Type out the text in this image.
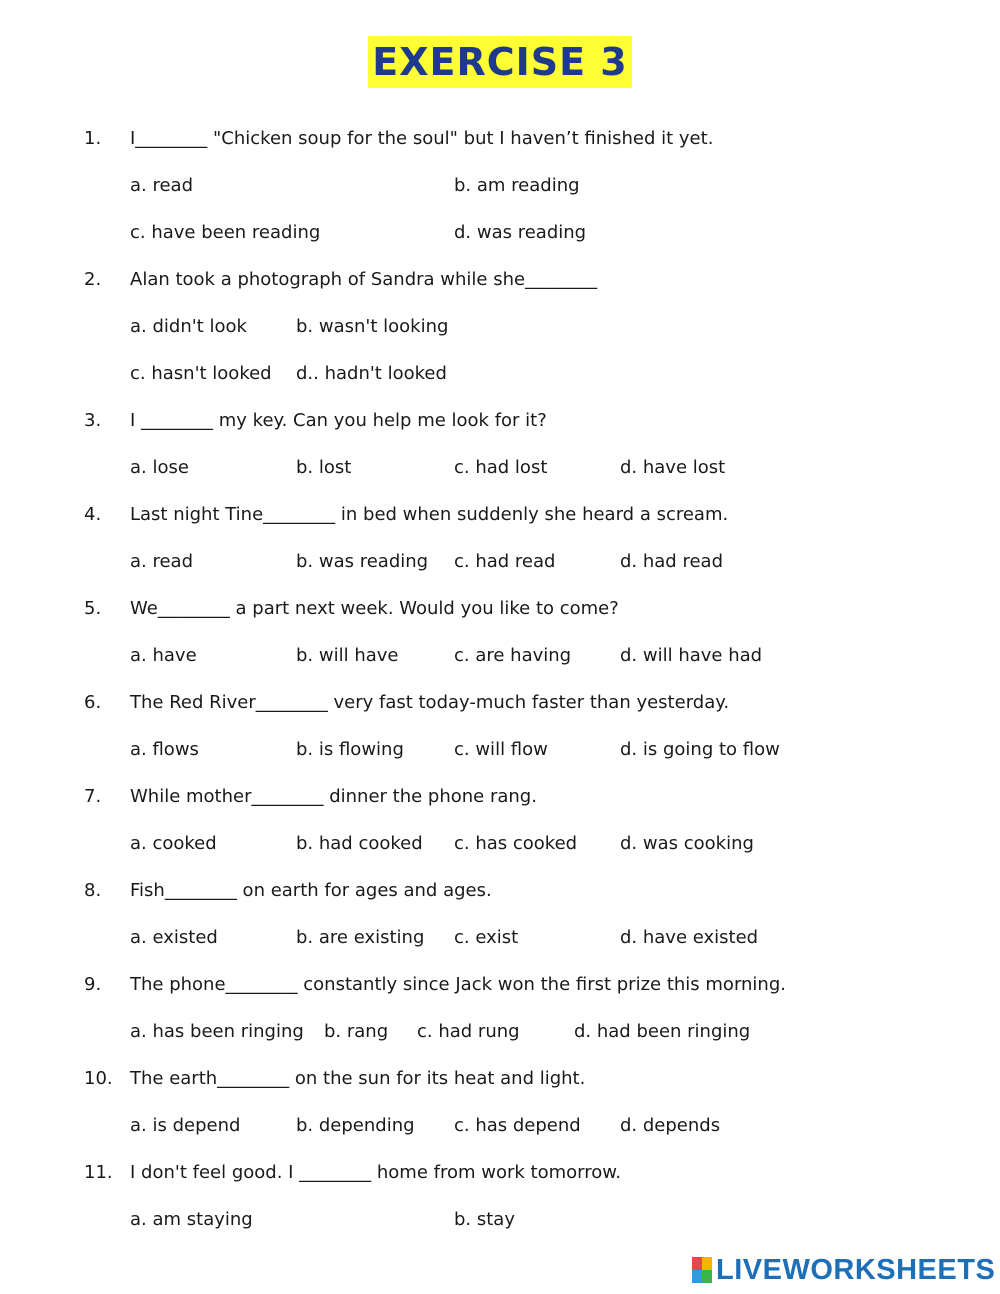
EXERCISE 3
1. I________ "Chicken soup for the soul" but I haven’t finished it yet.
a. read	b. am reading
c. have been reading	d. was reading
2. Alan took a photograph of Sandra while she________
a. didn't look	b. wasn't looking
c. hasn't looked d.. hadn't looked
3. I ________ my key. Can you help me look for it?
a. lose	b. lost	c. had lost	d. have lost
4. Last night Tine________ in bed when suddenly she heard a scream.
a. read	b. was reading c. had read	d. had read
5. We________ a part next week. Would you like to come?
a. have	b. will have	c. are having	d. will have had
6. The Red River________ very fast today-much faster than yesterday.
a. flows	b. is flowing	c. will flow	d. is going to flow
7. While mother________ dinner the phone rang.
a. cooked	b. had cooked c. has cooked d. was cooking
8. Fish________ on earth for ages and ages.
a. existed	b. are existing c. exist	d. have existed
9. The phone________ constantly since Jack won the first prize this morning.
a. has been ringing b. rang c. had rung	d. had been ringing
10. The earth________ on the sun for its heat and light.
a. is depend	b. depending c. has depend d. depends
11. I don't feel good. I ________ home from work tomorrow.
a. am staying	b. stay
LIVEWORKSHEETS
